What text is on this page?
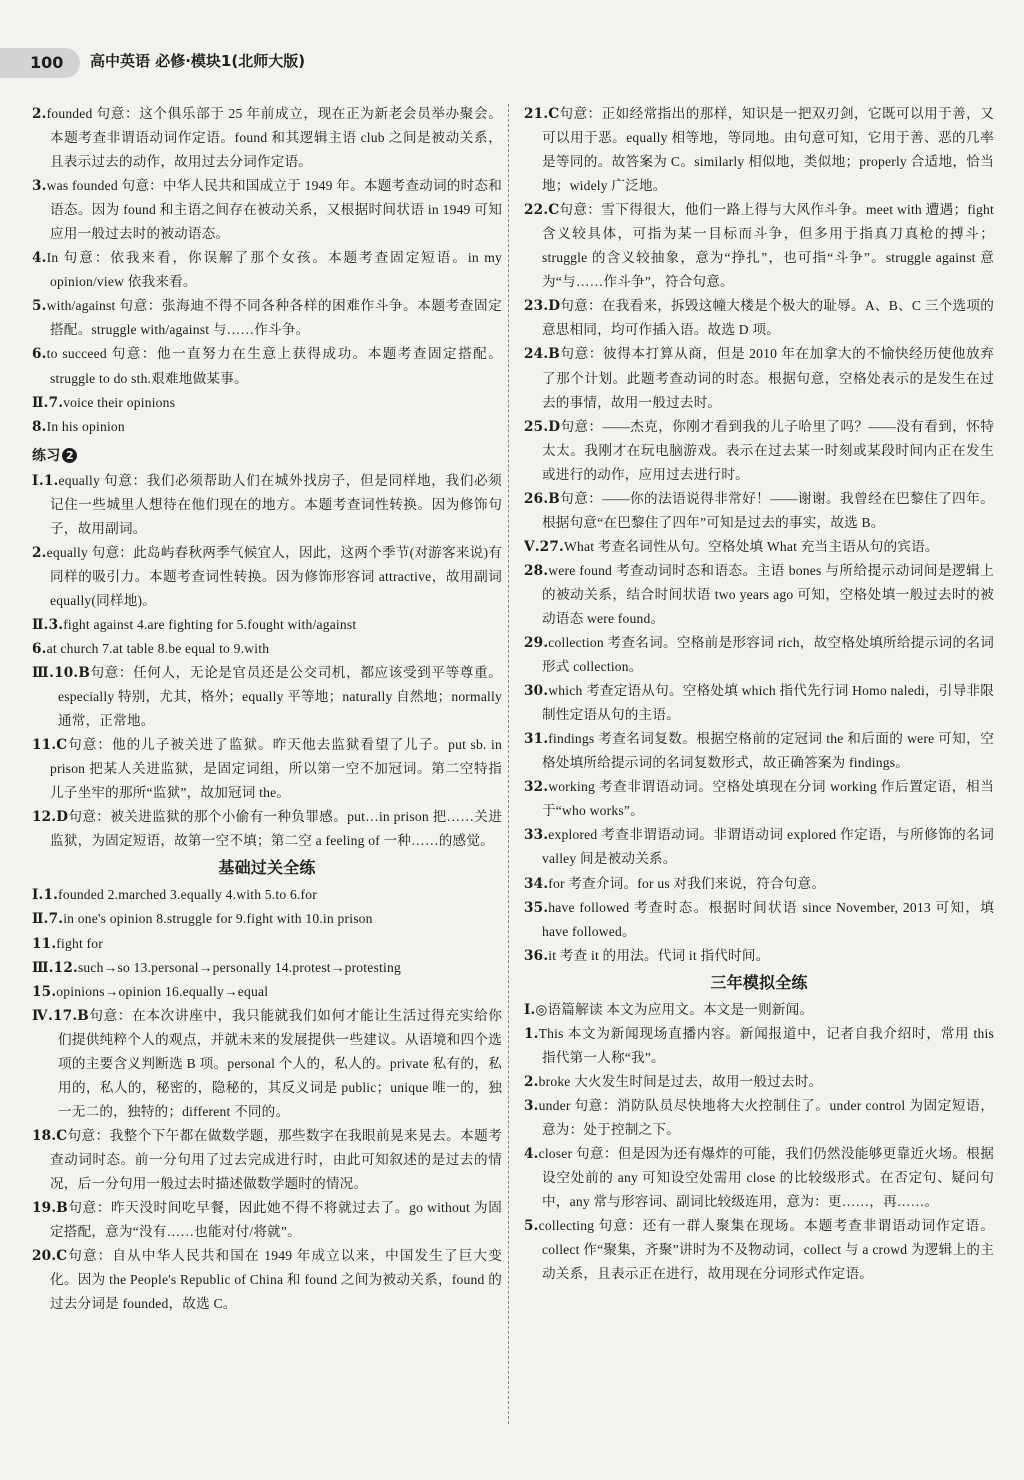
100	高中英语 必修·模块1(北师大版)

2.founded 句意：这个俱乐部于 25 年前成立，现在正为新老会员举办聚会。本题考查非谓语动词作定语。found 和其逻辑主语 club 之间是被动关系，且表示过去的动作，故用过去分词作定语。

3.was founded 句意：中华人民共和国成立于 1949 年。本题考查动词的时态和语态。因为 found 和主语之间存在被动关系，又根据时间状语 in 1949 可知应用一般过去时的被动语态。

4.In 句意：依我来看，你误解了那个女孩。本题考查固定短语。in my opinion/view 依我来看。

5.with/against 句意：张海迪不得不同各种各样的困难作斗争。本题考查固定搭配。struggle with/against 与……作斗争。

6.to succeed 句意：他一直努力在生意上获得成功。本题考查固定搭配。struggle to do sth.艰难地做某事。

Ⅱ.7.voice their opinions

8.In his opinion

练习 2

Ⅰ.1.equally 句意：我们必须帮助人们在城外找房子，但是同样地，我们必须记住一些城里人想待在他们现在的地方。本题考查词性转换。因为修饰句子，故用副词。

2.equally 句意：此岛屿春秋两季气候宜人，因此，这两个季节(对游客来说)有同样的吸引力。本题考查词性转换。因为修饰形容词 attractive，故用副词 equally(同样地)。

Ⅱ.3.fight against 4.are fighting for 5.fought with/against

6.at church 7.at table 8.be equal to 9.with

Ⅲ.10.B句意：任何人，无论是官员还是公交司机，都应该受到平等尊重。especially 特别，尤其，格外；equally 平等地；naturally 自然地；normally 通常，正常地。

11.C句意：他的儿子被关进了监狱。昨天他去监狱看望了儿子。put sb. in prison 把某人关进监狱，是固定词组，所以第一空不加冠词。第二空特指儿子坐牢的那所“监狱”，故加冠词 the。

12.D句意：被关进监狱的那个小偷有一种负罪感。put…in prison 把……关进监狱，为固定短语，故第一空不填；第二空 a feeling of 一种……的感觉。

基础过关全练

Ⅰ.1.founded 2.marched 3.equally 4.with 5.to 6.for

Ⅱ.7.in one's opinion 8.struggle for 9.fight with 10.in prison

11.fight for

Ⅲ.12.such→so 13.personal→personally 14.protest→protesting

15.opinions→opinion 16.equally→equal

Ⅳ.17.B句意：在本次讲座中，我只能就我们如何才能让生活过得充实给你们提供纯粹个人的观点，并就未来的发展提供一些建议。从语境和四个选项的主要含义判断选 B 项。personal 个人的，私人的。private 私有的，私用的，私人的，秘密的，隐秘的，其反义词是 public；unique 唯一的，独一无二的，独特的；different 不同的。

18.C句意：我整个下午都在做数学题，那些数字在我眼前晃来晃去。本题考查动词时态。前一分句用了过去完成进行时，由此可知叙述的是过去的情况，后一分句用一般过去时描述做数学题时的情况。

19.B句意：昨天没时间吃早餐，因此她不得不将就过去了。go without 为固定搭配，意为“没有……也能对付/将就”。

20.C句意：自从中华人民共和国在 1949 年成立以来，中国发生了巨大变化。因为 the People's Republic of China 和 found 之间为被动关系，found 的过去分词是 founded，故选 C。

21.C句意：正如经常指出的那样，知识是一把双刃剑，它既可以用于善，又可以用于恶。equally 相等地，等同地。由句意可知，它用于善、恶的几率是等同的。故答案为 C。similarly 相似地，类似地；properly 合适地，恰当地；widely 广泛地。

22.C句意：雪下得很大，他们一路上得与大风作斗争。meet with 遭遇；fight 含义较具体，可指为某一目标而斗争，但多用于指真刀真枪的搏斗；struggle 的含义较抽象，意为“挣扎”，也可指“斗争”。struggle against 意为“与……作斗争”，符合句意。

23.D句意：在我看来，拆毁这幢大楼是个极大的耻辱。A、B、C 三个选项的意思相同，均可作插入语。故选 D 项。

24.B句意：彼得本打算从商，但是 2010 年在加拿大的不愉快经历使他放弃了那个计划。此题考查动词的时态。根据句意，空格处表示的是发生在过去的事情，故用一般过去时。

25.D句意：——杰克，你刚才看到我的儿子哈里了吗？——没有看到，怀特太太。我刚才在玩电脑游戏。表示在过去某一时刻或某段时间内正在发生或进行的动作，应用过去进行时。

26.B句意：——你的法语说得非常好！——谢谢。我曾经在巴黎住了四年。根据句意“在巴黎住了四年”可知是过去的事实，故选 B。

Ⅴ.27.What 考查名词性从句。空格处填 What 充当主语从句的宾语。

28.were found 考查动词时态和语态。主语 bones 与所给提示动词间是逻辑上的被动关系，结合时间状语 two years ago 可知，空格处填一般过去时的被动语态 were found。

29.collection 考查名词。空格前是形容词 rich，故空格处填所给提示词的名词形式 collection。

30.which 考查定语从句。空格处填 which 指代先行词 Homo naledi，引导非限制性定语从句的主语。

31.findings 考查名词复数。根据空格前的定冠词 the 和后面的 were 可知，空格处填所给提示词的名词复数形式，故正确答案为 findings。

32.working 考查非谓语动词。空格处填现在分词 working 作后置定语，相当于“who works”。

33.explored 考查非谓语动词。非谓语动词 explored 作定语，与所修饰的名词 valley 间是被动关系。

34.for 考查介词。for us 对我们来说，符合句意。

35.have followed 考查时态。根据时间状语 since November, 2013 可知，填 have followed。

36.it 考查 it 的用法。代词 it 指代时间。

三年模拟全练

Ⅰ.◎语篇解读 本文为应用文。本文是一则新闻。

1.This 本文为新闻现场直播内容。新闻报道中，记者自我介绍时，常用 this 指代第一人称“我”。

2.broke 大火发生时间是过去，故用一般过去时。

3.under 句意：消防队员尽快地将大火控制住了。under control 为固定短语，意为：处于控制之下。

4.closer 句意：但是因为还有爆炸的可能，我们仍然没能够更靠近火场。根据设空处前的 any 可知设空处需用 close 的比较级形式。在否定句、疑问句中，any 常与形容词、副词比较级连用，意为：更……，再……。

5.collecting 句意：还有一群人聚集在现场。本题考查非谓语动词作定语。collect 作“聚集，齐聚”讲时为不及物动词，collect 与 a crowd 为逻辑上的主动关系，且表示正在进行，故用现在分词形式作定语。
